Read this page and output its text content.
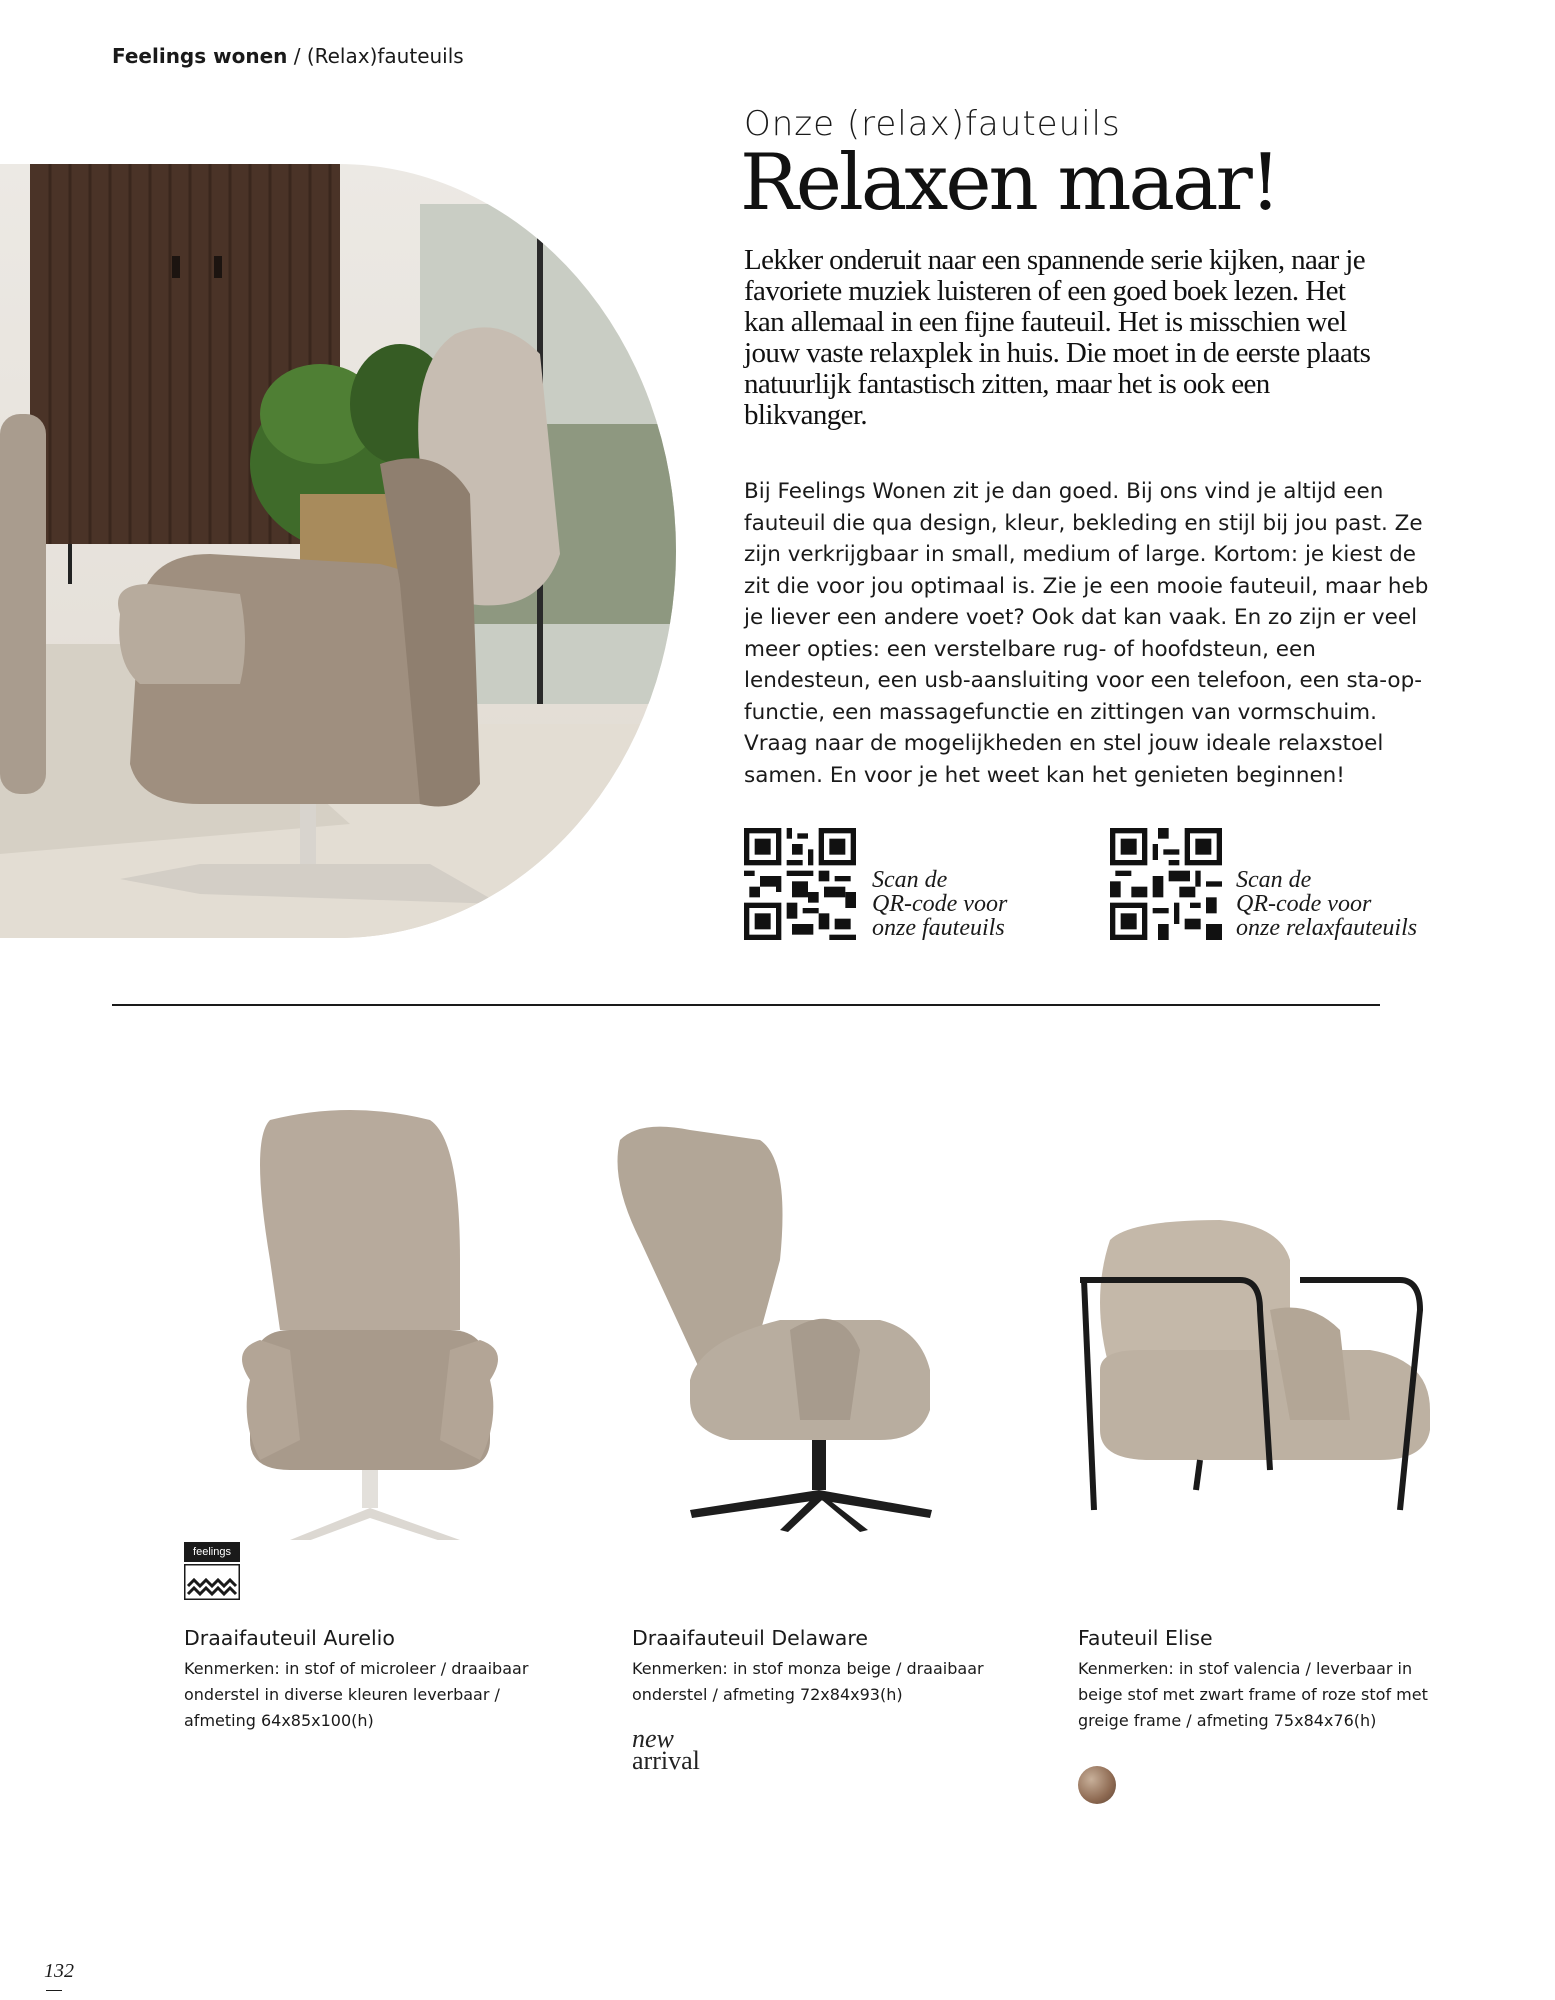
Feelings wonen / (Relax)fauteuils
Onze (relax)fauteuils
Relaxen maar!
Lekker onderuit naar een spannende serie kijken, naar je favoriete muziek luisteren of een goed boek lezen. Het kan allemaal in een fijne fauteuil. Het is misschien wel jouw vaste relaxplek in huis. Die moet in de eerste plaats natuurlijk fantastisch zitten, maar het is ook een blikvanger.
Bij Feelings Wonen zit je dan goed. Bij ons vind je altijd een fauteuil die qua design, kleur, bekleding en stijl bij jou past. Ze zijn verkrijgbaar in small, medium of large. Kortom: je kiest de zit die voor jou optimaal is. Zie je een mooie fauteuil, maar heb je liever een andere voet? Ook dat kan vaak. En zo zijn er veel meer opties: een verstelbare rug- of hoofdsteun, een lendesteun, een usb-aansluiting voor een telefoon, een sta-op-functie, een massagefunctie en zittingen van vormschuim. Vraag naar de mogelijkheden en stel jouw ideale relaxstoel samen. En voor je het weet kan het genieten beginnen!
Scan de
QR-code voor
onze fauteuils
Scan de
QR-code voor
onze relaxfauteuils
feelings
Draaifauteuil Aurelio
Kenmerken: in stof of microleer / draaibaar onderstel in diverse kleuren leverbaar / afmeting 64x85x100(h)
Draaifauteuil Delaware
Kenmerken: in stof monza beige / draaibaar onderstel / afmeting 72x84x93(h)
new
arrival
Fauteuil Elise
Kenmerken: in stof valencia / leverbaar in beige stof met zwart frame of roze stof met greige frame / afmeting 75x84x76(h)
132
